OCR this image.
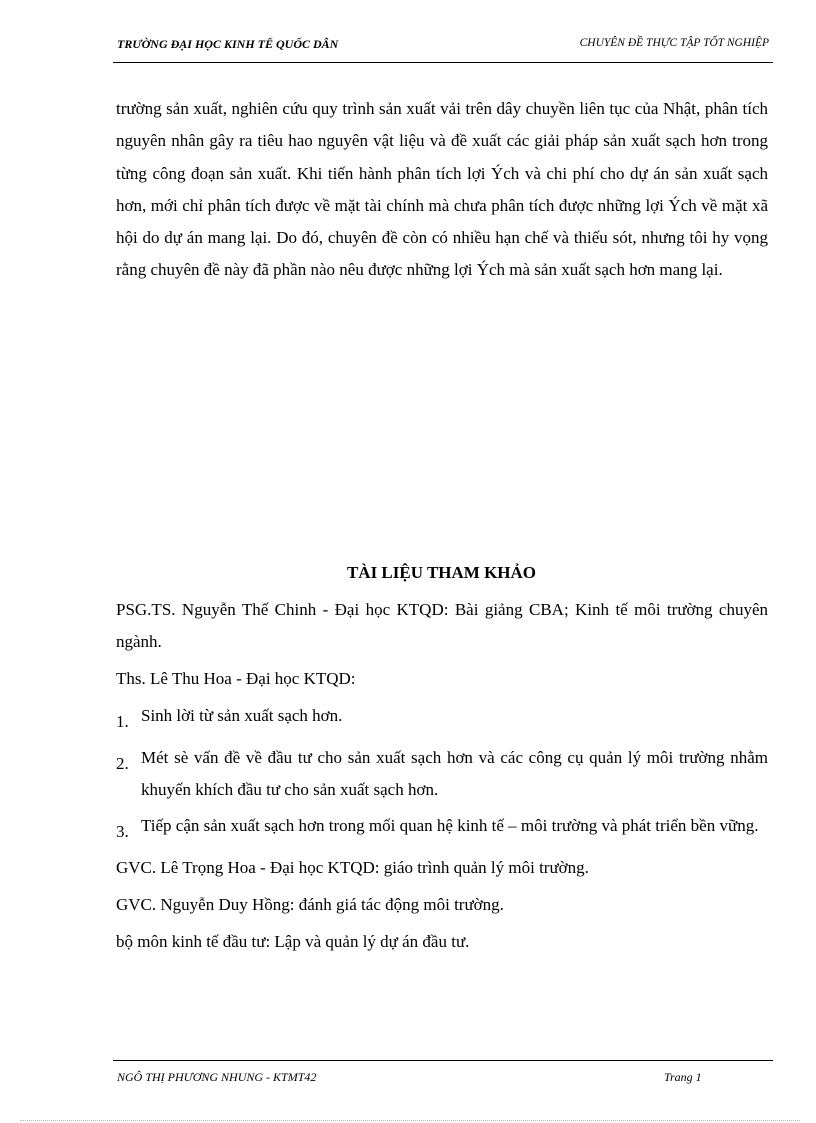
TRƯỜNG ĐẠI HỌC KINH TẾ QUỐC DÂN	CHUYÊN ĐỀ THỰC TẬP TỐT NGHIỆP

trường sản xuất, nghiên cứu quy trình sản xuất vải trên dây chuyền liên tục của Nhật, phân tích nguyên nhân gây ra tiêu hao nguyên vật liệu và đề xuất các giải pháp sản xuất sạch hơn trong từng công đoạn sản xuất. Khi tiến hành phân tích lợi Ých và chi phí cho dự án sản xuất sạch hơn, mới chỉ phân tích được về mặt tài chính mà chưa phân tích được những lợi Ých về mặt xã hội do dự án mang lại. Do đó, chuyên đề còn có nhiều hạn chế và thiếu sót, nhưng tôi hy vọng rằng chuyên đề này đã phần nào nêu được những lợi Ých mà sản xuất sạch hơn mang lại.

TÀI LIỆU THAM KHẢO

PSG.TS. Nguyễn Thế Chinh - Đại học KTQD: Bài giảng CBA; Kinh tế môi trường chuyên ngành.

Ths. Lê Thu Hoa - Đại học KTQD:

1. Sinh lời từ sản xuất sạch hơn.
2. Mét sè vấn đề về đầu tư cho sản xuất sạch hơn và các công cụ quản lý môi trường nhằm khuyến khích đầu tư cho sản xuất sạch hơn.
3. Tiếp cận sản xuất sạch hơn trong mối quan hệ kinh tế – môi trường và phát triển bền vững.

GVC. Lê Trọng Hoa - Đại học KTQD: giáo trình quản lý môi trường.

GVC. Nguyễn Duy Hồng: đánh giá tác động môi trường.

bộ môn kinh tế đầu tư: Lập và quản lý dự án đầu tư.

NGÔ THỊ PHƯƠNG NHUNG - KTMT42	Trang 1
